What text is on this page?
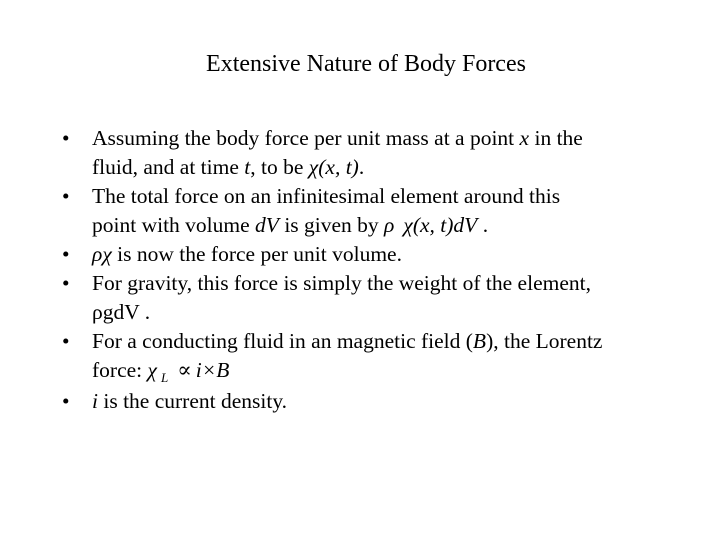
Extensive Nature of Body Forces
•	Assuming the body force per unit mass at a point x in the
fluid, and at time t, to be χ(x, t).
•	The total force on an infinitesimal element around this
point with volume dV is given by ρ χ(x, t)dV .
•	ρχ is now the force per unit volume.
•	For gravity, this force is simply the weight of the element,
ρgdV .
•	For a conducting fluid in an magnetic field (B), the Lorentz
force: χ $_L$ ∝ i×B
•	i is the current density.
